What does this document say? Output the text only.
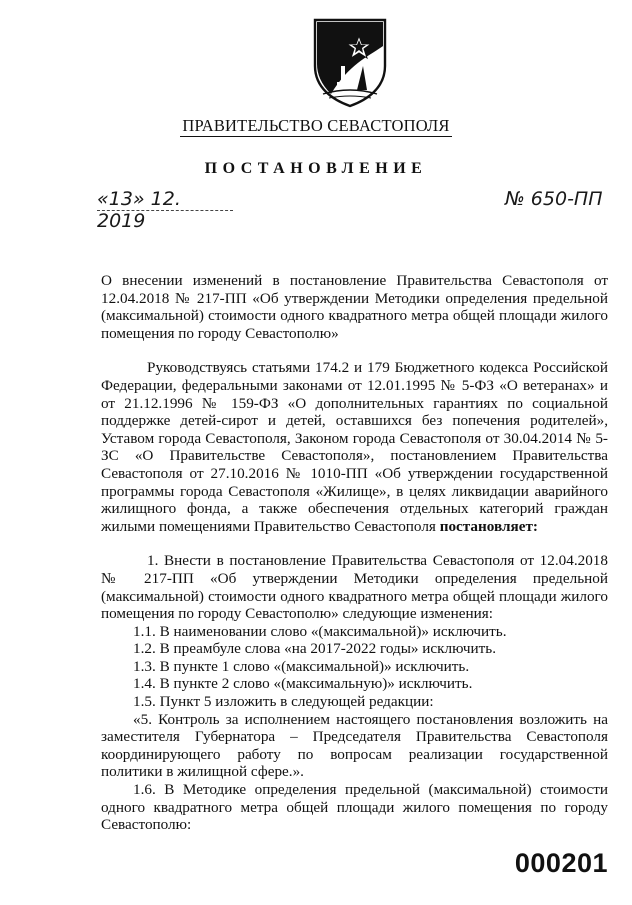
ПРАВИТЕЛЬСТВО СЕВАСТОПОЛЯ
ПОСТАНОВЛЕНИЕ
«13» 12. 2019
№ 650-ПП

О внесении изменений в постановление Правительства Севастополя от 12.04.2018 № 217-ПП «Об утверждении Методики определения предельной (максимальной) стоимости одного квадратного метра общей площади жилого помещения по городу Севастополю»

Руководствуясь статьями 174.2 и 179 Бюджетного кодекса Российской Федерации, федеральными законами от 12.01.1995 № 5-ФЗ «О ветеранах» и от 21.12.1996 № 159-ФЗ «О дополнительных гарантиях по социальной поддержке детей-сирот и детей, оставшихся без попечения родителей», Уставом города Севастополя, Законом города Севастополя от 30.04.2014 № 5-ЗС «О Правительстве Севастополя», постановлением Правительства Севастополя от 27.10.2016 № 1010-ПП «Об утверждении государственной программы города Севастополя «Жилище», в целях ликвидации аварийного жилищного фонда, а также обеспечения отдельных категорий граждан жилыми помещениями Правительство Севастополя постановляет:

1. Внести в постановление Правительства Севастополя от 12.04.2018 № 217-ПП «Об утверждении Методики определения предельной (максимальной) стоимости одного квадратного метра общей площади жилого помещения по городу Севастополю» следующие изменения:

1.1. В наименовании слово «(максимальной)» исключить.

1.2. В преамбуле слова «на 2017-2022 годы» исключить.

1.3. В пункте 1 слово «(максимальной)» исключить.

1.4. В пункте 2 слово «(максимальную)» исключить.

1.5. Пункт 5 изложить в следующей редакции:

«5. Контроль за исполнением настоящего постановления возложить на заместителя Губернатора – Председателя Правительства Севастополя координирующего работу по вопросам реализации государственной политики в жилищной сфере.».

1.6. В Методике определения предельной (максимальной) стоимости одного квадратного метра общей площади жилого помещения по городу Севастополю:

000201
